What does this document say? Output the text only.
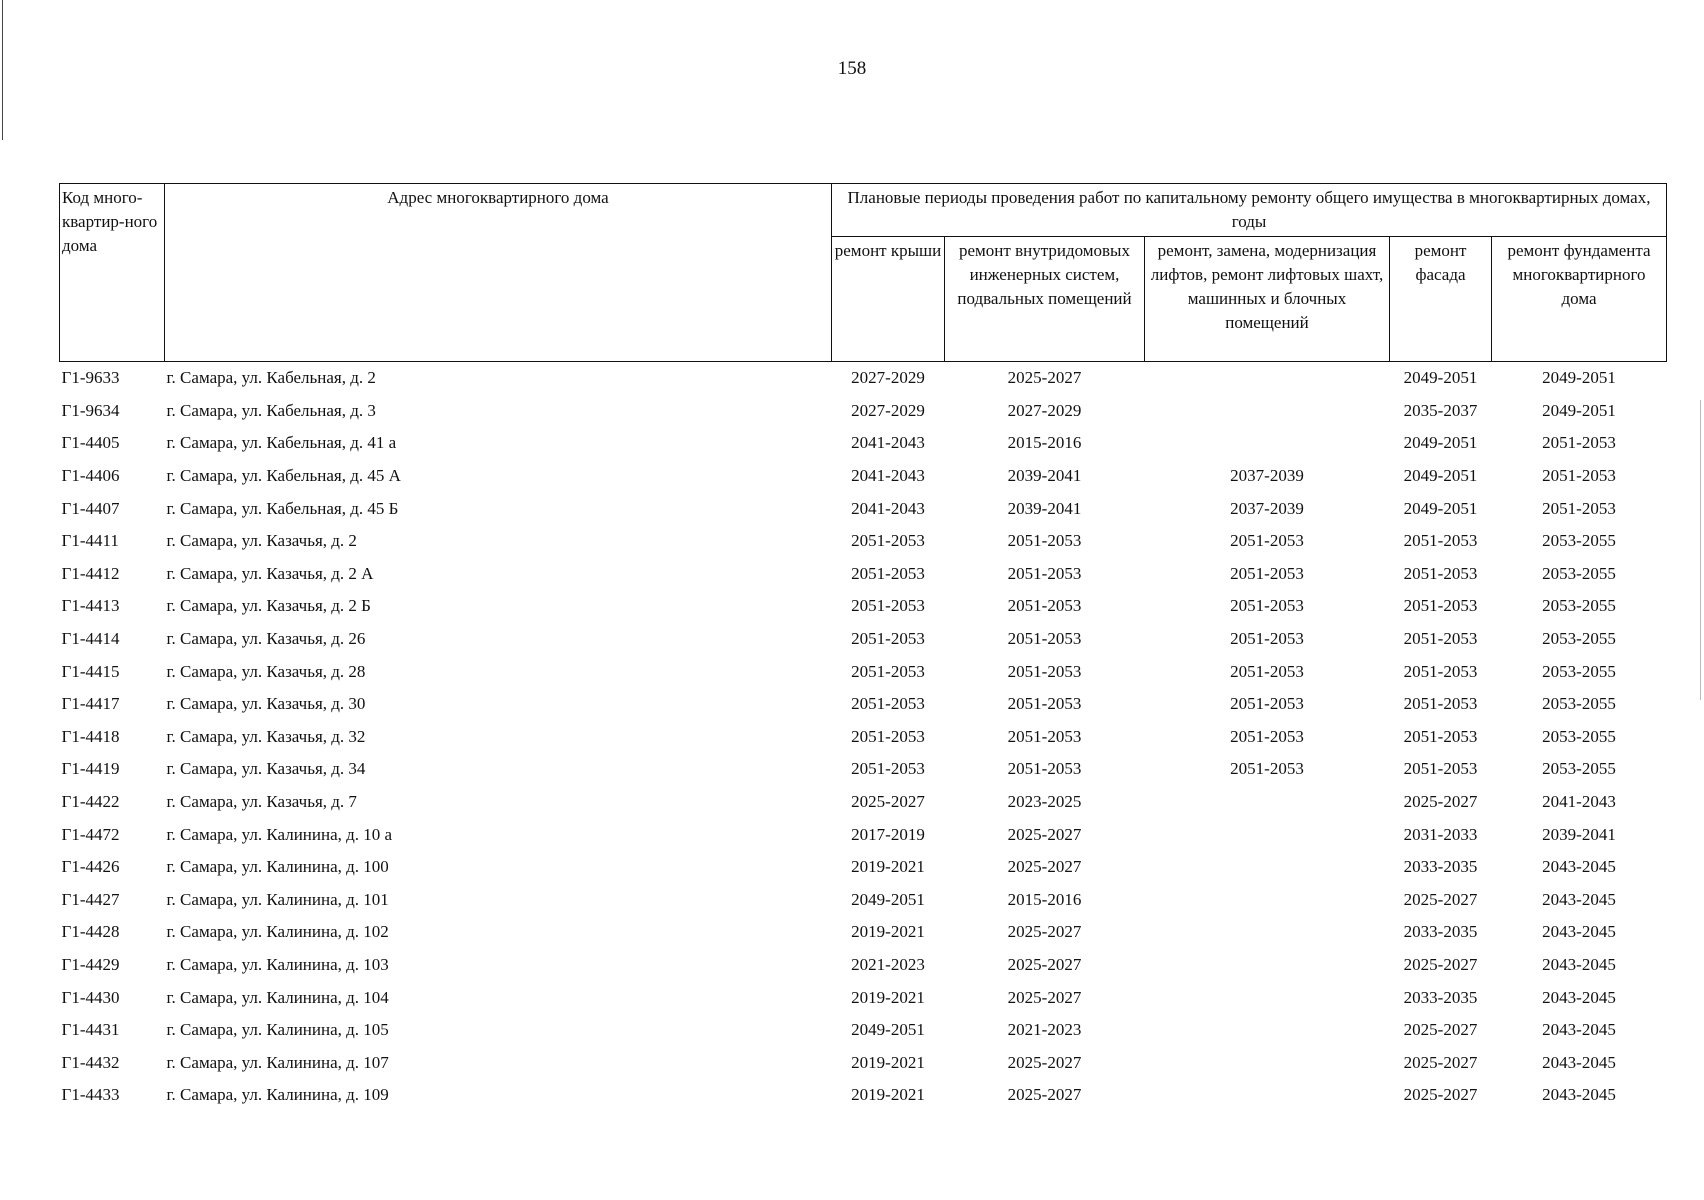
158
Код много-квартир-ного дома	Адрес многоквартирного дома	Плановые периоды проведения работ по капитальному ремонту общего имущества в многоквартирных домах, годы				
		ремонт крыши	ремонт внутридомовых инженерных систем, подвальных помещений	ремонт, замена, модернизация лифтов, ремонт лифтовых шахт, машинных и блочных помещений	ремонт фасада	ремонт фундамента многоквартирного дома
Г1-9633	г. Самара, ул. Кабельная, д. 2	2027-2029	2025-2027		2049-2051	2049-2051
Г1-9634	г. Самара, ул. Кабельная, д. 3	2027-2029	2027-2029		2035-2037	2049-2051
Г1-4405	г. Самара, ул. Кабельная, д. 41 а	2041-2043	2015-2016		2049-2051	2051-2053
Г1-4406	г. Самара, ул. Кабельная, д. 45 А	2041-2043	2039-2041	2037-2039	2049-2051	2051-2053
Г1-4407	г. Самара, ул. Кабельная, д. 45 Б	2041-2043	2039-2041	2037-2039	2049-2051	2051-2053
Г1-4411	г. Самара, ул. Казачья, д. 2	2051-2053	2051-2053	2051-2053	2051-2053	2053-2055
Г1-4412	г. Самара, ул. Казачья, д. 2 А	2051-2053	2051-2053	2051-2053	2051-2053	2053-2055
Г1-4413	г. Самара, ул. Казачья, д. 2 Б	2051-2053	2051-2053	2051-2053	2051-2053	2053-2055
Г1-4414	г. Самара, ул. Казачья, д. 26	2051-2053	2051-2053	2051-2053	2051-2053	2053-2055
Г1-4415	г. Самара, ул. Казачья, д. 28	2051-2053	2051-2053	2051-2053	2051-2053	2053-2055
Г1-4417	г. Самара, ул. Казачья, д. 30	2051-2053	2051-2053	2051-2053	2051-2053	2053-2055
Г1-4418	г. Самара, ул. Казачья, д. 32	2051-2053	2051-2053	2051-2053	2051-2053	2053-2055
Г1-4419	г. Самара, ул. Казачья, д. 34	2051-2053	2051-2053	2051-2053	2051-2053	2053-2055
Г1-4422	г. Самара, ул. Казачья, д. 7	2025-2027	2023-2025		2025-2027	2041-2043
Г1-4472	г. Самара, ул. Калинина, д. 10 а	2017-2019	2025-2027		2031-2033	2039-2041
Г1-4426	г. Самара, ул. Калинина, д. 100	2019-2021	2025-2027		2033-2035	2043-2045
Г1-4427	г. Самара, ул. Калинина, д. 101	2049-2051	2015-2016		2025-2027	2043-2045
Г1-4428	г. Самара, ул. Калинина, д. 102	2019-2021	2025-2027		2033-2035	2043-2045
Г1-4429	г. Самара, ул. Калинина, д. 103	2021-2023	2025-2027		2025-2027	2043-2045
Г1-4430	г. Самара, ул. Калинина, д. 104	2019-2021	2025-2027		2033-2035	2043-2045
Г1-4431	г. Самара, ул. Калинина, д. 105	2049-2051	2021-2023		2025-2027	2043-2045
Г1-4432	г. Самара, ул. Калинина, д. 107	2019-2021	2025-2027		2025-2027	2043-2045
Г1-4433	г. Самара, ул. Калинина, д. 109	2019-2021	2025-2027		2025-2027	2043-2045
